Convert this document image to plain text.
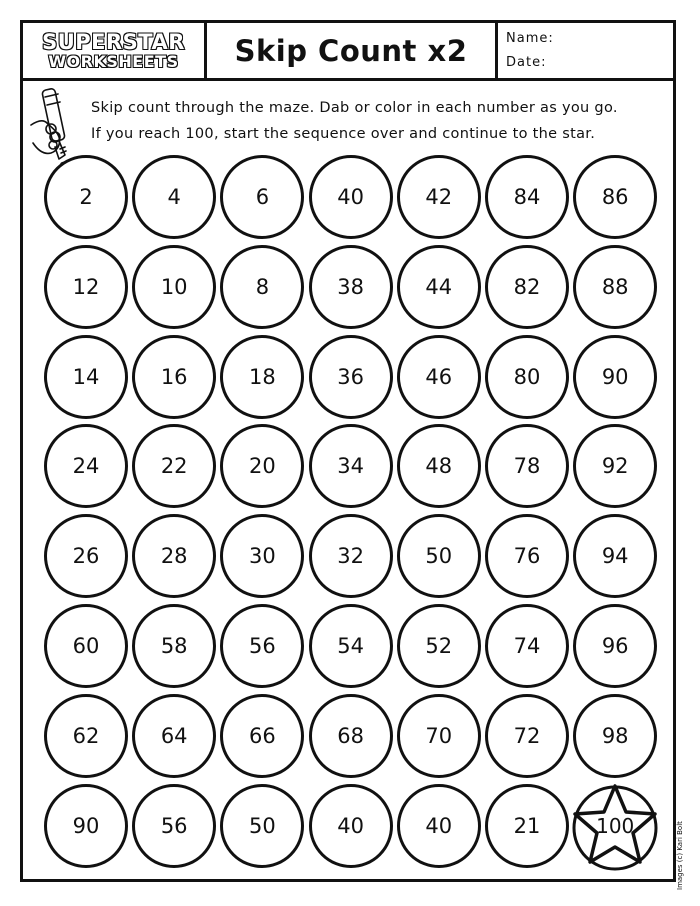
SUPERSTAR
WORKSHEETS Skip Count x2	Name:
Date:
Skip count through the maze. Dab or color in each number as you go.
If you reach 100, start the sequence over and continue to the star.
2	4	6	40	42	84	86
12	10	8	38	44	82	88
14	16	18	36	46	80	90
24	22	20	34	48	78	92
26	28	30	32	50	76	94
60	58	56	54	52	74	96
62	64	66	68	70	72	98
90	56	50	40	40	21	100	Images (c) Kari Bolt
